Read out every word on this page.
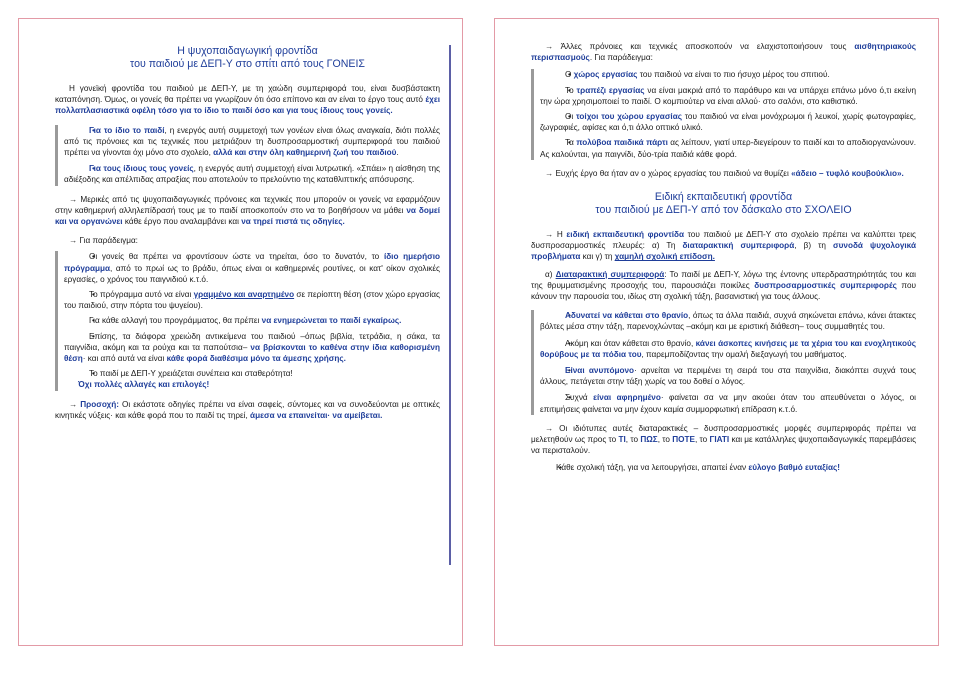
Η ψυχοπαιδαγωγική φροντίδα
του παιδιού με ΔΕΠ-Υ στο σπίτι από τους ΓΟΝΕΙΣ

Η γονεϊκή φροντίδα του παιδιού με ΔΕΠ-Υ, με τη χαώδη συμπεριφορά του, είναι δυσβάστακτη καταπόνηση. Όμως, οι γονείς θα πρέπει να γνωρίζουν ότι όσο επίπονο και αν είναι το έργο τους αυτό έχει πολλαπλασιαστικά οφέλη τόσο για το ίδιο το παιδί όσο και για τους ίδιους τους γονείς.

•Για το ίδιο το παιδί, η ενεργός αυτή συμμετοχή των γονέων είναι όλως αναγκαία, διότι πολλές από τις πρόνοιες και τις τεχνικές που μετριάζουν τη δυσπροσαρμοστική συμπεριφορά του παιδιού πρέπει να γίνονται όχι μόνο στο σχολείο, αλλά και στην όλη καθημερινή ζωή του παιδιού.

•Για τους ίδιους τους γονείς, η ενεργός αυτή συμμετοχή είναι λυτρωτική. «Σπάει» η αίσθηση της αδιέξοδης και απέλπιδας απραξίας που αποτελούν το πρελούντιο της καταθλιπτικής απόσυρσης.

→ Μερικές από τις ψυχοπαιδαγωγικές πρόνοιες και τεχνικές που μπορούν οι γονείς να εφαρμόζουν στην καθημερινή αλληλεπίδρασή τους με το παιδί αποσκοπούν στο να το βοηθήσουν να μάθει να δομεί και να οργανώνει κάθε έργο που αναλαμβάνει και να τηρεί πιστά τις οδηγίες.

→ Για παράδειγμα:

•Οι γονείς θα πρέπει να φροντίσουν ώστε να τηρείται, όσο το δυνατόν, το ίδιο ημερήσιο πρόγραμμα, από το πρωί ως το βράδυ, όπως είναι οι καθημερινές ρουτίνες, οι κατ' οίκον σχολικές εργασίες, ο χρόνος του παιγνιδιού κ.τ.ό.

•Το πρόγραμμα αυτό να είναι γραμμένο και αναρτημένο σε περίοπτη θέση (στον χώρο εργασίας του παιδιού, στην πόρτα του ψυγείου).

•Για κάθε αλλαγή του προγράμματος, θα πρέπει να ενημερώνεται το παιδί εγκαίρως.

•Επίσης, τα διάφορα χρειώδη αντικείμενα του παιδιού –όπως βιβλία, τετράδια, η σάκα, τα παιγνίδια, ακόμη και τα ρούχα και τα παπούτσια– να βρίσκονται το καθένα στην ίδια καθορισμένη θέση· και από αυτά να είναι κάθε φορά διαθέσιμα μόνο τα άμεσης χρήσης.

•Το παιδί με ΔΕΠ-Υ χρειάζεται συνέπεια και σταθερότητα!
Όχι πολλές αλλαγές και επιλογές!

→ Προσοχή: Οι εκάστοτε οδηγίες πρέπει να είναι σαφείς, σύντομες και να συνοδεύονται με οπτικές κινητικές νύξεις· και κάθε φορά που το παιδί τις τηρεί, άμεσα να επαινείται· να αμείβεται.

→ Άλλες πρόνοιες και τεχνικές αποσκοπούν να ελαχιστοποιήσουν τους αισθητηριακούς περισπασμούς. Για παράδειγμα:

•Ο χώρος εργασίας του παιδιού να είναι το πιο ήσυχο μέρος του σπιτιού.

•Το τραπέζι εργασίας να είναι μακριά από το παράθυρο και να υπάρχει επάνω μόνο ό,τι εκείνη την ώρα χρησιμοποιεί το παιδί. Ο κομπιούτερ να είναι αλλού· στο σαλόνι, στο καθιστικό.

•Οι τοίχοι του χώρου εργασίας του παιδιού να είναι μονόχρωμοι ή λευκοί, χωρίς φωτογραφίες, ζωγραφιές, αφίσες και ό,τι άλλο οπτικό υλικό.

•Τα πολύβοα παιδικά πάρτι ας λείπουν, γιατί υπερ-διεγείρουν το παιδί και το αποδιοργανώνουν. Ας καλούνται, για παιγνίδι, δύο-τρία παιδιά κάθε φορά.

→ Ευχής έργο θα ήταν αν ο χώρος εργασίας του παιδιού να θυμίζει «άδειο – τυφλό κουβούκλιο».

Ειδική εκπαιδευτική φροντίδα
του παιδιού με ΔΕΠ-Υ από τον δάσκαλο στο ΣΧΟΛΕΙΟ

→ Η ειδική εκπαιδευτική φροντίδα του παιδιού με ΔΕΠ-Υ στο σχολείο πρέπει να καλύπτει τρεις δυσπροσαρμοστικές πλευρές: α) Τη διαταρακτική συμπεριφορά, β) τη συνοδά ψυχολογικά προβλήματα και γ) τη χαμηλή σχολική επίδοση.

α) Διαταρακτική συμπεριφορά: Το παιδί με ΔΕΠ-Υ, λόγω της έντονης υπερδραστηριότητάς του και της θρυμματισμένης προσοχής του, παρουσιάζει ποικίλες δυσπροσαρμοστικές συμπεριφορές που κάνουν την παρουσία του, ιδίως στη σχολική τάξη, βασανιστική για τους άλλους.

•Αδυνατεί να κάθεται στο θρανίο, όπως τα άλλα παιδιά, συχνά σηκώνεται επάνω, κάνει άτακτες βόλτες μέσα στην τάξη, παρενοχλώντας –ακόμη και με εριστική διάθεση– τους συμμαθητές του.

•Ακόμη και όταν κάθεται στο θρανίο, κάνει άσκοπες κινήσεις με τα χέρια του και ενοχλητικούς θορύβους με τα πόδια του, παρεμποδίζοντας την ομαλή διεξαγωγή του μαθήματος.

•Είναι ανυπόμονο· αρνείται να περιμένει τη σειρά του στα παιχνίδια, διακόπτει συχνά τους άλλους, πετάγεται στην τάξη χωρίς να του δοθεί ο λόγος.

•Συχνά είναι αφηρημένο· φαίνεται σα να μην ακούει όταν του απευθύνεται ο λόγος, οι επιτιμήσεις φαίνεται να μην έχουν καμία συμμορφωτική επίδραση κ.τ.ό.

→ Οι ιδιότυπες αυτές διαταρακτικές – δυσπροσαρμοστικές μορφές συμπεριφοράς πρέπει να μελετηθούν ως προς το ΤΙ, το ΠΩΣ, το ΠΟΤΕ, το ΓΙΑΤΙ και με κατάλληλες ψυχοπαιδαγωγικές παρεμβάσεις να περισταλούν.

•Κάθε σχολική τάξη, για να λειτουργήσει, απαιτεί έναν εύλογο βαθμό ευταξίας!
